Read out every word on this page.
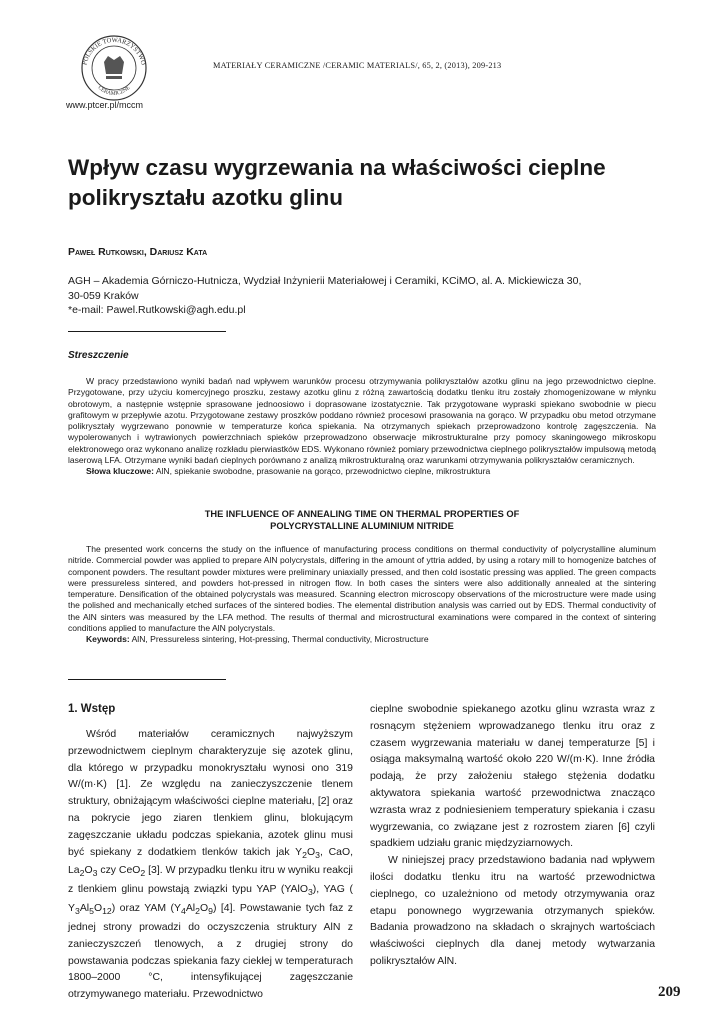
POLSKIE TOWARZYSTWO
CERAMICZNE
www.ptcer.pl/mccm
MATERIAŁY CERAMICZNE /CERAMIC MATERIALS/, 65, 2, (2013), 209-213
Wpływ czasu wygrzewania na właściwości cieplne polikryształu azotku glinu
Paweł Rutkowski, Dariusz Kata
AGH – Akademia Górniczo-Hutnicza, Wydział Inżynierii Materiałowej i Ceramiki, KCiMO, al. A. Mickiewicza 30,
30-059 Kraków
*e-mail: Pawel.Rutkowski@agh.edu.pl
Streszczenie

W pracy przedstawiono wyniki badań nad wpływem warunków procesu otrzymywania polikryształów azotku glinu na jego przewodnictwo cieplne. Przygotowane, przy użyciu komercyjnego proszku, zestawy azotku glinu z różną zawartością dodatku tlenku itru zostały zhomogenizowane w młynku obrotowym, a następnie wstępnie sprasowane jednoosiowo i doprasowane izostatycznie. Tak przygotowane wypraski spiekano swobodnie w piecu grafitowym w przepływie azotu. Przygotowane zestawy proszków poddano również procesowi prasowania na gorąco. W przypadku obu metod otrzymane polikryształy wygrzewano ponownie w temperaturze końca spiekania. Na otrzymanych spiekach przeprowadzono kontrolę zagęszczenia. Na wypolerowanych i wytrawionych powierzchniach spieków przeprowadzono obserwacje mikrostrukturalne przy pomocy skaningowego mikroskopu elektronowego oraz wykonano analizę rozkładu pierwiastków EDS. Wykonano również pomiary przewodnictwa cieplnego polikryształów impulsową metodą laserową LFA. Otrzymane wyniki badań cieplnych porównano z analizą mikrostrukturalną oraz warunkami otrzymywania polikryształów ceramicznych.

Słowa kluczowe: AlN, spiekanie swobodne, prasowanie na gorąco, przewodnictwo cieplne, mikrostruktura
THE INFLUENCE OF ANNEALING TIME ON THERMAL PROPERTIES OF
POLYCRYSTALLINE ALUMINIUM NITRIDE

The presented work concerns the study on the influence of manufacturing process conditions on thermal conductivity of polycrystalline aluminum nitride. Commercial powder was applied to prepare AlN polycrystals, differing in the amount of yttria added, by using a rotary mill to homogenize batches of component powders. The resultant powder mixtures were preliminary uniaxially pressed, and then cold isostatic pressing was applied. The green compacts were pressureless sintered, and powders hot-pressed in nitrogen flow. In both cases the sinters were also additionally annealed at the sintering temperature. Densification of the obtained polycrystals was measured. Scanning electron microscopy observations of the microstructure were made using the polished and mechanically etched surfaces of the sintered bodies. The elemental distribution analysis was carried out by EDS. Thermal conductivity of the AlN sinters was measured by the LFA method. The results of thermal and microstructural examinations were compared in the context of sintering conditions applied to manufacture the AlN polycrystals.

Keywords: AlN, Pressureless sintering, Hot-pressing, Thermal conductivity, Microstructure
1. Wstęp

Wśród materiałów ceramicznych najwyższym przewodnictwem cieplnym charakteryzuje się azotek glinu, dla którego w przypadku monokryształu wynosi ono 319 W/(m·K) [1]. Ze względu na zanieczyszczenie tlenem struktury, obniżającym właściwości cieplne materiału, [2] oraz na pokrycie jego ziaren tlenkiem glinu, blokującym zagęszczanie układu podczas spiekania, azotek glinu musi być spiekany z dodatkiem tlenków takich jak $Y_2O_3$, CaO, $La_2O_3$ czy CeO$_2$ [3]. W przypadku tlenku itru w wyniku reakcji z tlenkiem glinu powstają związki typu YAP (YAlO$_3$), YAG ( $Y_3Al_5O_{12}$) oraz YAM $(Y_4Al_2O_9)$ [4]. Powstawanie tych faz z jednej strony prowadzi do oczyszczenia struktury AlN z zanieczyszczeń tlenowych, a z drugiej strony do powstawania podczas spiekania fazy ciekłej w temperaturach 1800–2000 °C, intensyfikującej zagęszczanie otrzymywanego materiału. Przewodnictwo

cieplne swobodnie spiekanego azotku glinu wzrasta wraz z rosnącym stężeniem wprowadzanego tlenku itru oraz z czasem wygrzewania materiału w danej temperaturze [5] i osiąga maksymalną wartość około 220 W/(m·K). Inne źródła podają, że przy założeniu stałego stężenia dodatku aktywatora spiekania wartość przewodnictwa znacząco wzrasta wraz z podniesieniem temperatury spiekania i czasu wygrzewania, co związane jest z rozrostem ziaren [6] czyli spadkiem udziału granic międzyziarnowych.

W niniejszej pracy przedstawiono badania nad wpływem ilości dodatku tlenku itru na wartość przewodnictwa cieplnego, co uzależniono od metody otrzymywania oraz etapu ponownego wygrzewania otrzymanych spieków. Badania prowadzono na składach o skrajnych wartościach właściwości cieplnych dla danej metody wytwarzania polikryształów AlN.

209
